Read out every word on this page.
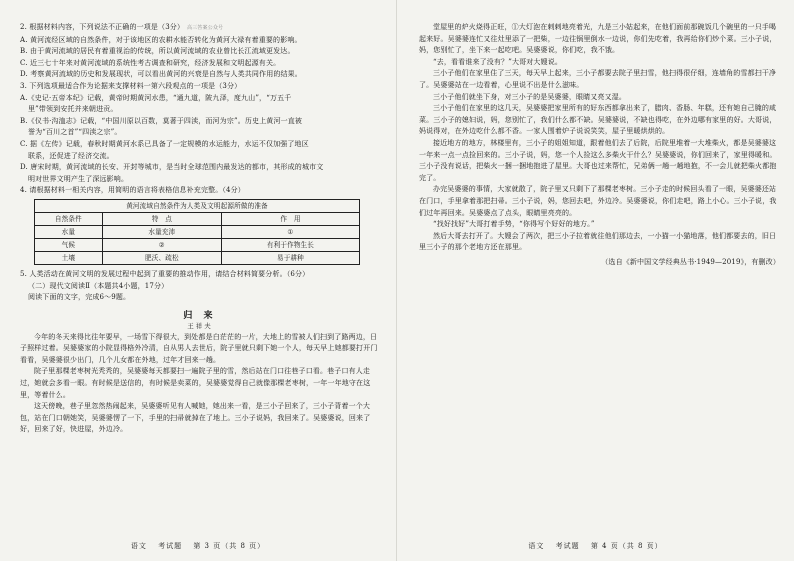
2. 根据材料内容，下列说法不正确的一项是（3分） 高三答案公众号

A. 黄河流经区域的自然条件，对于该地区的农耕水能否转化为黄河大禄有着重要的影响。

B. 由于黄河流域的居民有着重视治的传统，所以黄河流域的农业曾比长江流域更发达。

C. 近三七十年来对黄河流域的系统性考古调查和研究，经济发展和文明起源有关。

D. 考察黄河流域的历史和发展现状，可以看出黄河的兴衰是自然与人类共同作用的结果。

3. 下列选项最适合作为论据来支撑材料一第六段观点的一项是（3分）

A.《史记·五帝本纪》记载，黄帝时期黄河水患，“通九道，陂九泽，度九山”，“万五千

里”带领到安托并来朝进贡。

B.《仪书·沟洫志》记载，“中国川原以百数，莫著于四渎，而河为宗”。历史上黄河一直被

誉为“百川之首”“四渎之宗”。

C. 据《左传》记载，春秋时期黄河水系已具备了一定规模的水运能力，水运不仅加强了地区

联系，还促进了经济交流。

D. 唐宋时期，黄河流域的长安、开封等城市，是当时全球范围内最发达的都市，其形成的城市文

明对世界文明产生了深远影响。

4. 请根据材料一相关内容，用简明的语言将表格信息补充完整。（4分）

黄河流域自然条件为人类及文明起源所做的准备		
自然条件	特　点	作　用
水量	水量充沛	①
气候	②	有利于作物生长
土壤	肥沃、疏松	易于耕种

5. 人类活动在黄河文明的发展过程中起到了重要的推动作用，请结合材料简要分析。（6分）

（二）现代文阅读Ⅱ（本题共4小题，17分）

阅读下面的文字，完成6～9题。

归 来

王祥夫

今年的冬天来得比往年要早，一场雪下得很大，到处都是白茫茫的一片，大地上的雪被人们扫到了路两边，日子照样过着。吴婆婆家的小院显得格外冷清，自从男人去世后，院子里就只剩下她一个人，每天早上她都要打开门看看，吴婆婆很少出门，几个儿女都在外地，过年才回来一趟。

院子里那棵老枣树光秃秃的，吴婆婆每天都要扫一遍院子里的雪，然后站在门口往巷子口看。巷子口有人走过，她就会多看一眼。有时候是送信的，有时候是卖菜的，吴婆婆觉得自己就像那棵老枣树，一年一年地守在这里，等着什么。

这天傍晚，巷子里忽然热闹起来，吴婆婆听见有人喊她，她出来一看，是三小子回来了，三小子背着一个大包，站在门口朝她笑，吴婆婆愣了一下，手里的扫帚就掉在了地上。三小子说妈，我回来了。吴婆婆说，回来了好，回来了好，快进屋，外边冷。

语文 考试题 第 3 页（共 8 页）

堂屋里的炉火烧得正旺，①大灯泡在刺刺地亮着光，九是三小姑起来，在他们面前那碗饭几个碗里的一只手喝起来好。吴婆婆连忙又往灶里添了一把柴，一边往锅里倒水一边说，你们先吃着，我再给你们炒个菜。三小子说，妈，您别忙了，坐下来一起吃吧。吴婆婆说，你们吃，我不饿。

“去，看看谁来了没有？”大哥对大嫂说。

三小子他们在家里住了三天，每天早上起来，三小子都要去院子里扫雪，他扫得很仔细，连墙角的雪都扫干净了。吴婆婆站在一边看着，心里说不出是什么滋味。

三小子他们就坐下身，对三小子的是吴婆婆，眼睛又亮又湿。

三小子他们在家里的这几天，吴婆婆把家里所有的好东西都拿出来了，腊肉、香肠、年糕，还有她自己腌的咸菜。三小子的媳妇说，妈，您别忙了，我们什么都不缺。吴婆婆说，不缺也得吃，在外边哪有家里的好。大哥说，妈说得对，在外边吃什么都不香。一家人围着炉子说说笑笑，屋子里暖烘烘的。

接近地方的地方，林楼里有，三小子的姐姐知道，跟着他们去了后院，后院里堆着一大堆柴火，都是吴婆婆这一年来一点一点捡回来的。三小子说，妈，您一个人捡这么多柴火干什么？吴婆婆说，你们回来了，家里得暖和。三小子没有说话，把柴火一捆一捆地抱进了屋里。大哥也过来帮忙，兄弟俩一趟一趟地抱，不一会儿就把柴火都抱完了。

办完吴婆婆的事情，大家就散了，院子里又只剩下了那棵老枣树。三小子走的时候回头看了一眼，吴婆婆还站在门口，手里拿着那把扫帚。三小子说，妈，您回去吧，外边冷。吴婆婆说，你们走吧，路上小心。三小子说，我们过年再回来。吴婆婆点了点头，眼睛里亮亮的。

“找好找好”大哥打着手势，“你得写个好好的地方。”

然后大哥去打开了。大嫂会了两次，把三小子拉着就往他们那边去，一小猫一小猫地落，他们都要去的，旧日里三小子的那个老地方还在那里。

（选自《新中国文学经典丛书·1949—2019》，有删改）

语文 考试题 第 4 页（共 8 页）
